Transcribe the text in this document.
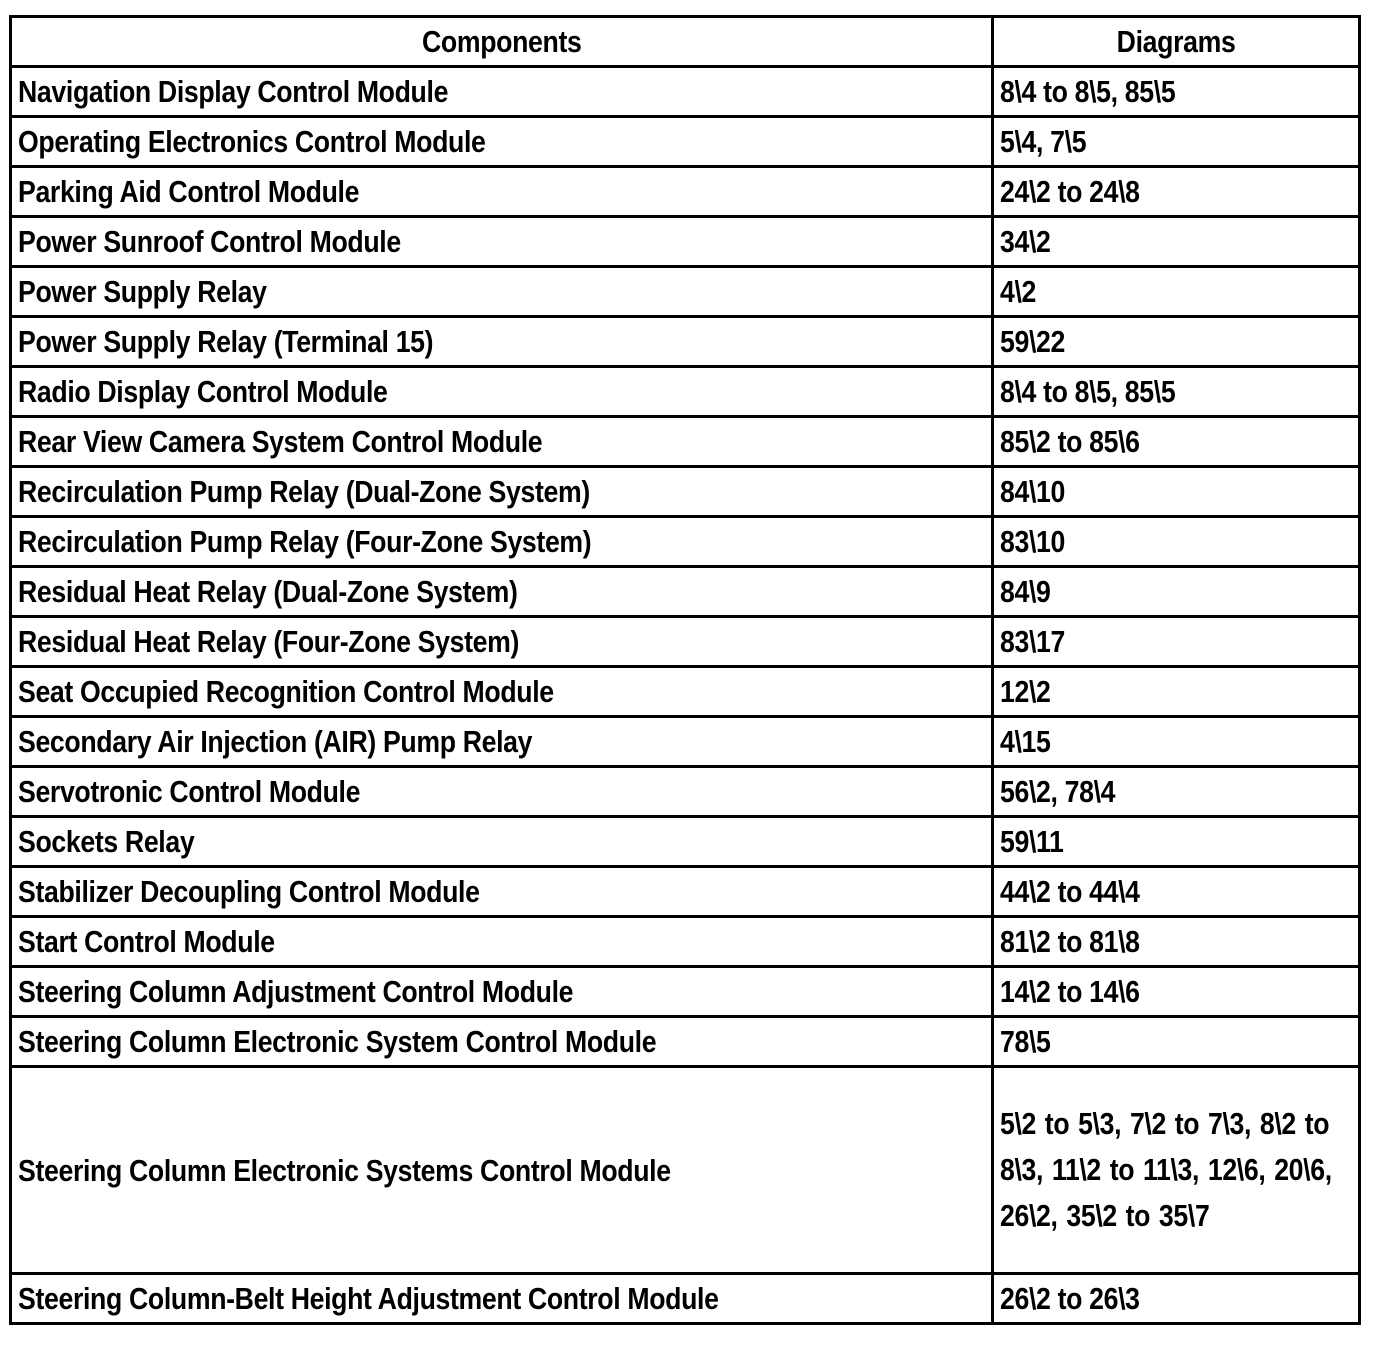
Components	Diagrams
Navigation Display Control Module	8\4 to 8\5, 85\5
Operating Electronics Control Module	5\4, 7\5
Parking Aid Control Module	24\2 to 24\8
Power Sunroof Control Module	34\2
Power Supply Relay	4\2
Power Supply Relay (Terminal 15)	59\22
Radio Display Control Module	8\4 to 8\5, 85\5
Rear View Camera System Control Module	85\2 to 85\6
Recirculation Pump Relay (Dual-Zone System)	84\10
Recirculation Pump Relay (Four-Zone System)	83\10
Residual Heat Relay (Dual-Zone System)	84\9
Residual Heat Relay (Four-Zone System)	83\17
Seat Occupied Recognition Control Module	12\2
Secondary Air Injection (AIR) Pump Relay	4\15
Servotronic Control Module	56\2, 78\4
Sockets Relay	59\11
Stabilizer Decoupling Control Module	44\2 to 44\4
Start Control Module	81\2 to 81\8
Steering Column Adjustment Control Module	14\2 to 14\6
Steering Column Electronic System Control Module	78\5
Steering Column Electronic Systems Control Module	5\2 to 5\3, 7\2 to 7\3, 8\2 to 8\3, 11\2 to 11\3, 12\6, 20\6, 26\2, 35\2 to 35\7

Steering Column-Belt Height Adjustment Control Module	26\2 to 26\3
